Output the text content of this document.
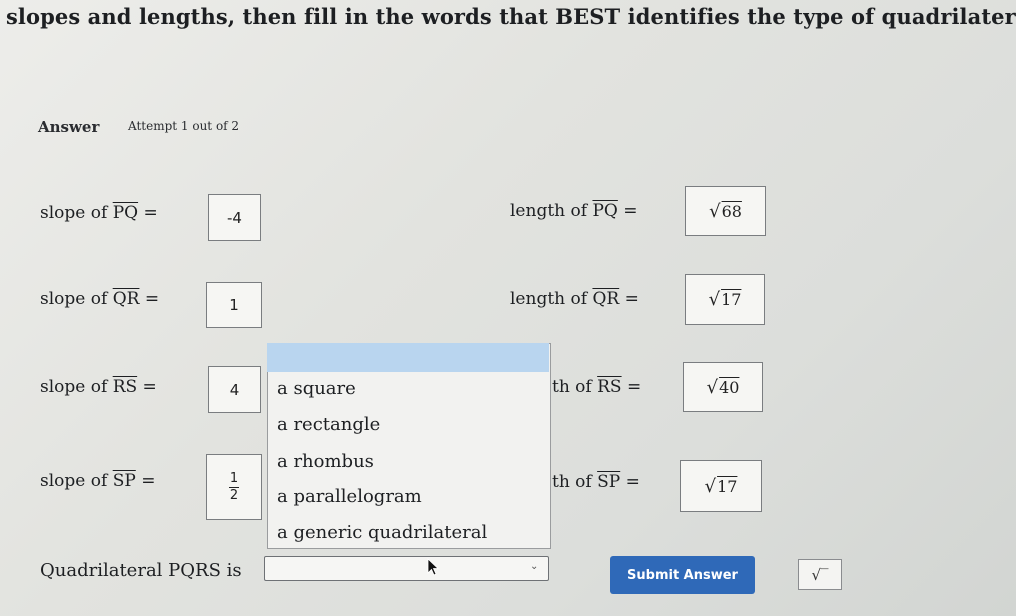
slopes and lengths, then fill in the words that BEST identifies the type of quadrilater
Answer Attempt 1 out of 2
slope of $\overline{PQ}$ =	-4	length of $\overline{PQ}$ =	√ 68
slope of $\overline{QR}$ =	1	length of $\overline{QR}$ =	√ 17
slope of $\overline{RS}$ =	4	th of $\overline{RS}$ =	√ 40
slope of $\overline{SP}$ =	$\frac{1}{2}$	th of $\overline{SP}$ =	√ 17
a square
a rectangle
a rhombus
a parallelogram
a generic quadrilateral
Quadrilateral PQRS is	⌄
Submit Answer	√‾
